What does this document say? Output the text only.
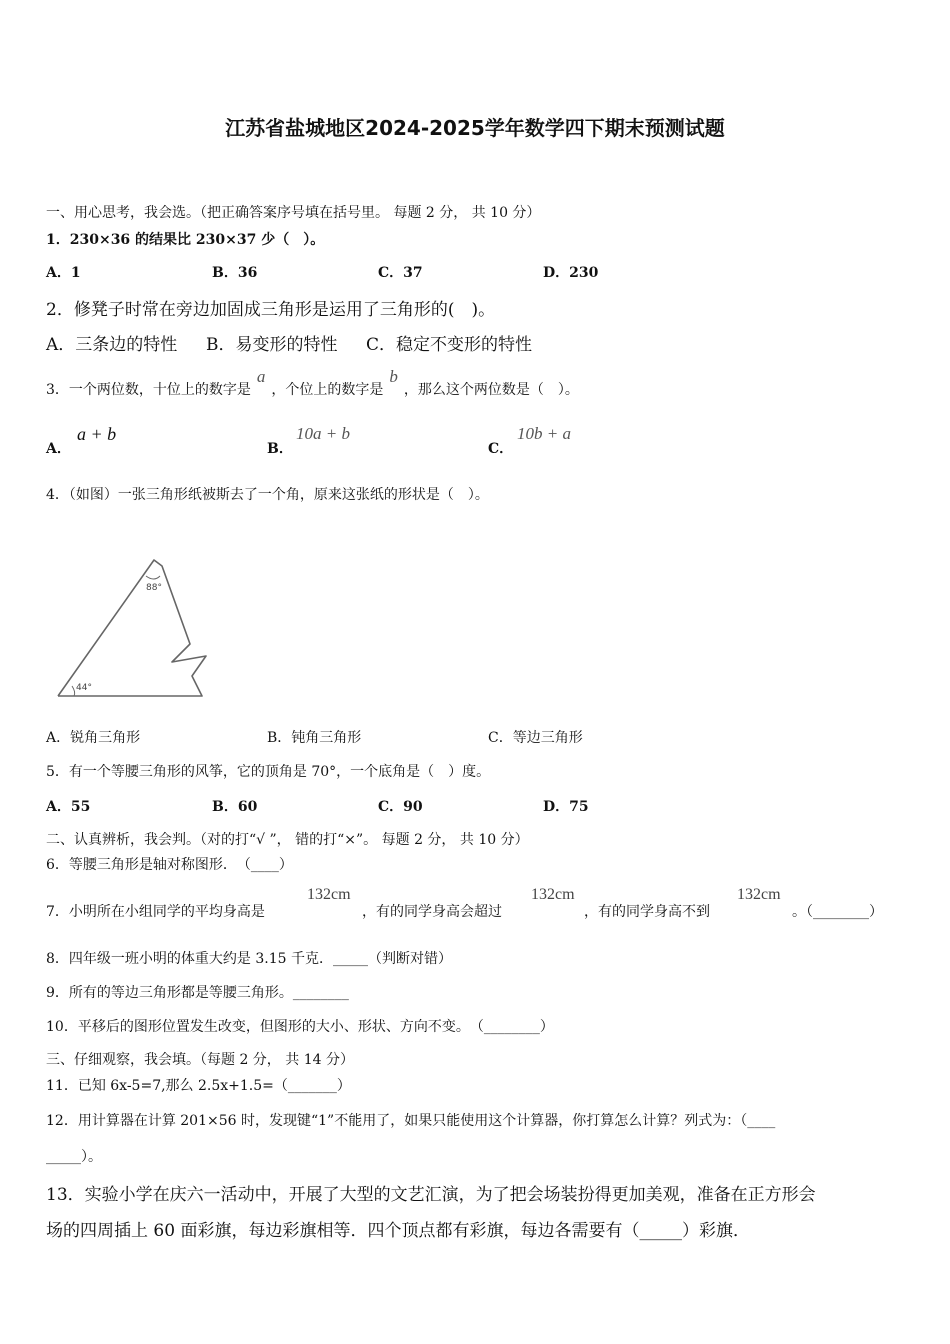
江苏省盐城地区2024-2025学年数学四下期末预测试题
一、用心思考，我会选。（把正确答案序号填在括号里。 每题 2 分， 共 10 分）
1．230×36 的结果比 230×37 少（　）。
A．1	B．36	C．37	D．230
2．修凳子时常在旁边加固成三角形是运用了三角形的(　)。
A．三条边的特性 B．易变形的特性 C．稳定不变形的特性
3．一个两位数，十位上的数字是a，个位上的数字是b，那么这个两位数是（　）。
A．
a + b
B．
10a + b
C．
10b + a
4．（如图）一张三角形纸被斯去了一个角，原来这张纸的形状是（　）。
88°
44°
A．锐角三角形	B．钝角三角形	C．等边三角形
5．有一个等腰三角形的风筝，它的顶角是 70°，一个底角是（　）度。
A．55	B．60	C．90	D．75
二、认真辨析，我会判。（对的打“√ ”， 错的打“×”。 每题 2 分， 共 10 分）
6．等腰三角形是轴对称图形．　（____）
7．小明所在小组同学的平均身高是
132cm
，有的同学身高会超过
132cm
，有的同学身高不到
132cm
。（________）
8．四年级一班小明的体重大约是 3.15 千克．_____（判断对错）
9．所有的等边三角形都是等腰三角形。________
10．平移后的图形位置发生改变，但图形的大小、形状、方向不变。　（________）
三、仔细观察，我会填。（每题 2 分， 共 14 分）
11．已知 6x-5=7,那么 2.5x+1.5=（_______）
12．用计算器在计算 201×56 时，发现键“1”不能用了，如果只能使用这个计算器，你打算怎么计算？列式为：（____
_____）。
13．实验小学在庆六一活动中，开展了大型的文艺汇演，为了把会场装扮得更加美观，准备在正方形会
场的四周插上 60 面彩旗，每边彩旗相等．四个顶点都有彩旗，每边各需要有（_____）彩旗．
